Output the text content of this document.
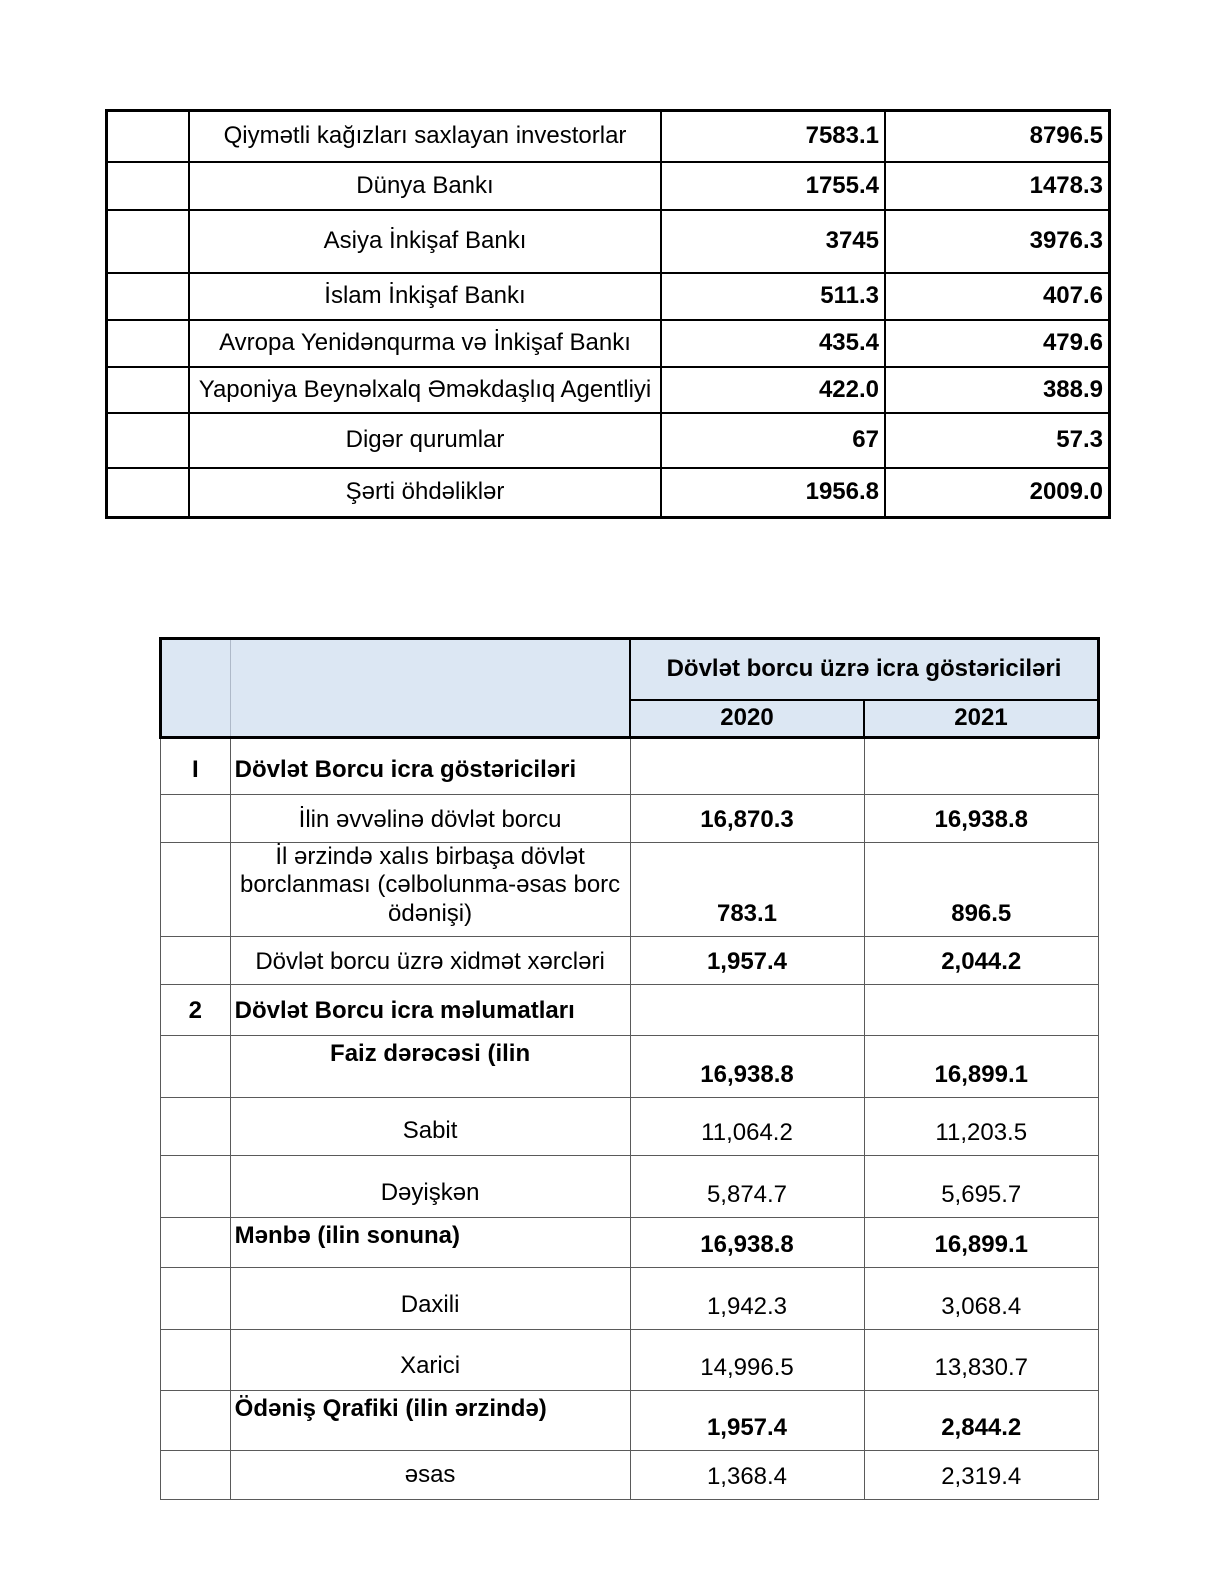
	Qiymətli kağızları saxlayan investorlar	7583.1	8796.5
	Dünya Bankı	1755.4	1478.3
	Asiya İnkişaf Bankı	3745	3976.3
	İslam İnkişaf Bankı	511.3	407.6
	Avropa Yenidənqurma və İnkişaf Bankı	435.4	479.6
	Yaponiya Beynəlxalq Əməkdaşlıq Agentliyi	422.0	388.9
	Digər qurumlar	67	57.3
	Şərti öhdəliklər	1956.8	2009.0
		Dövlət borcu üzrə icra göstəriciləri	
		2020	2021
I	Dövlət Borcu icra göstəriciləri		
	İlin əvvəlinə dövlət borcu	16,870.3	16,938.8
	İl ərzində xalıs birbaşa dövlət borclanması (cəlbolunma-əsas borc ödənişi)	783.1	896.5
	Dövlət borcu üzrə xidmət xərcləri	1,957.4	2,044.2
2	Dövlət Borcu icra məlumatları		
	Faiz dərəcəsi (ilin	16,938.8	16,899.1
	Sabit	11,064.2	11,203.5
	Dəyişkən	5,874.7	5,695.7
	Mənbə (ilin sonuna)	16,938.8	16,899.1
	Daxili	1,942.3	3,068.4
	Xarici	14,996.5	13,830.7
	Ödəniş Qrafiki (ilin ərzində)	1,957.4	2,844.2
	əsas	1,368.4	2,319.4
